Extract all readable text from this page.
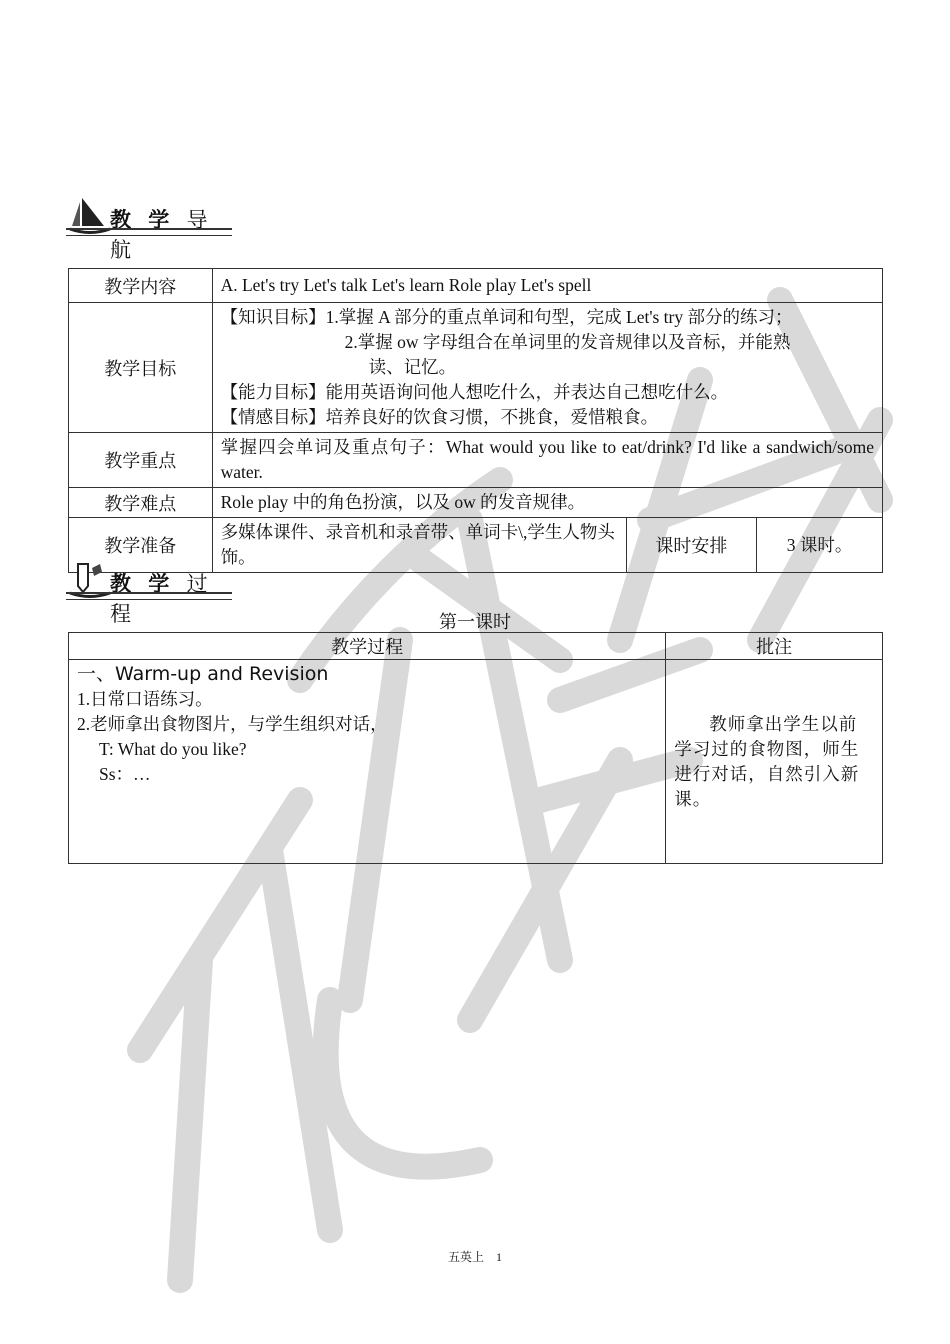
教 学 导 航
教学内容	A. Let's try Let's talk Let's learn Role play Let's spell		
教学目标	【知识目标】1.掌握 A 部分的重点单词和句型，完成 Let's try 部分的练习；
2.掌握 ow 字母组合在单词里的发音规律以及音标，并能熟
读、记忆。
【能力目标】能用英语询问他人想吃什么，并表达自己想吃什么。
【情感目标】培养良好的饮食习惯，不挑食，爱惜粮食。		

教学重点	掌握四会单词及重点句子：What would you like to eat/drink? I'd like a sandwich/some water.		
教学难点	Role play 中的角色扮演，以及 ow 的发音规律。		
教学准备	多媒体课件、录音机和录音带、单词卡\,学生人物头饰。	课时安排	3 课时。
教 学 过 程	第一课时
教学过程	批注

一、Warm-up and Revision
1.日常口语练习。
2.老师拿出食物图片，与学生组织对话，
T: What do you like?
Ss：…	教师拿出学生以前学习过的食物图，师生进行对话，自然引入新课。
五英上　1
